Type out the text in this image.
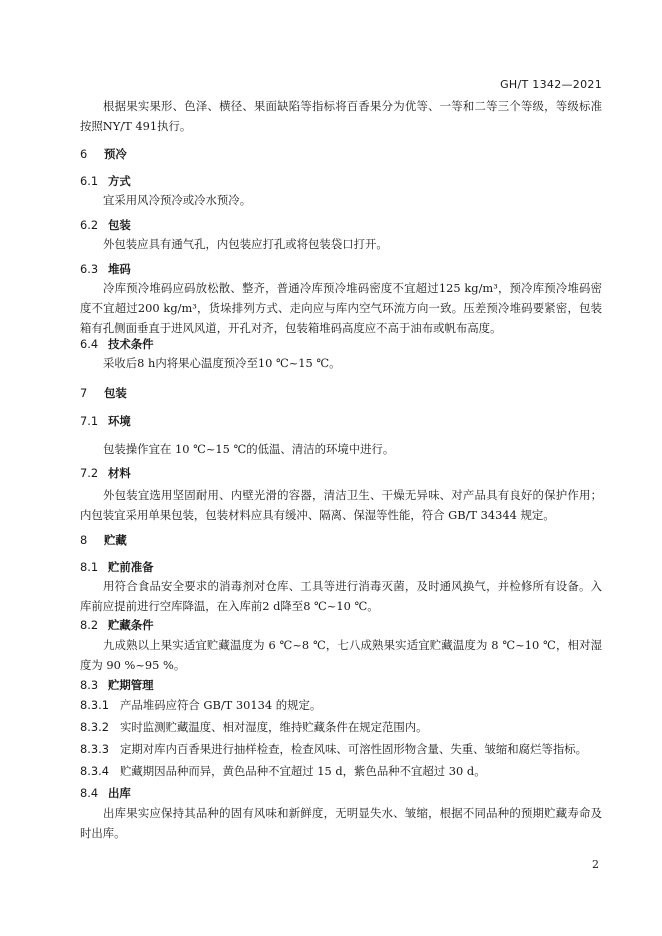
GH/T 1342—2021
根据果实果形、色泽、横径、果面缺陷等指标将百香果分为优等、一等和二等三个等级，等级标准按照NY/T 491执行。
6 预冷
6.1 方式
宜采用风冷预冷或冷水预冷。
6.2 包装
外包装应具有通气孔，内包装应打孔或将包装袋口打开。
6.3 堆码
冷库预冷堆码应码放松散、整齐，普通冷库预冷堆码密度不宜超过125 kg/m³，预冷库预冷堆码密度不宜超过200 kg/m³，货垛排列方式、走向应与库内空气环流方向一致。压差预冷堆码要紧密，包装箱有孔侧面垂直于进风风道，开孔对齐，包装箱堆码高度应不高于油布或帆布高度。
6.4 技术条件
采收后8 h内将果心温度预冷至10 ℃~15 ℃。
7 包装
7.1 环境
包装操作宜在 10 ℃~15 ℃的低温、清洁的环境中进行。
7.2 材料
外包装宜选用坚固耐用、内壁光滑的容器，清洁卫生、干燥无异味、对产品具有良好的保护作用；内包装宜采用单果包装，包装材料应具有缓冲、隔离、保湿等性能，符合 GB/T 34344 规定。
8 贮藏
8.1 贮前准备
用符合食品安全要求的消毒剂对仓库、工具等进行消毒灭菌，及时通风换气，并检修所有设备。入库前应提前进行空库降温，在入库前2 d降至8 ℃~10 ℃。
8.2 贮藏条件
九成熟以上果实适宜贮藏温度为 6 ℃~8 ℃，七八成熟果实适宜贮藏温度为 8 ℃~10 ℃，相对湿度为 90 %~95 %。
8.3 贮期管理
8.3.1 产品堆码应符合 GB/T 30134 的规定。
8.3.2 实时监测贮藏温度、相对湿度，维持贮藏条件在规定范围内。
8.3.3 定期对库内百香果进行抽样检查，检查风味、可溶性固形物含量、失重、皱缩和腐烂等指标。
8.3.4 贮藏期因品种而异，黄色品种不宜超过 15 d，紫色品种不宜超过 30 d。
8.4 出库
出库果实应保持其品种的固有风味和新鲜度，无明显失水、皱缩，根据不同品种的预期贮藏寿命及时出库。
2
